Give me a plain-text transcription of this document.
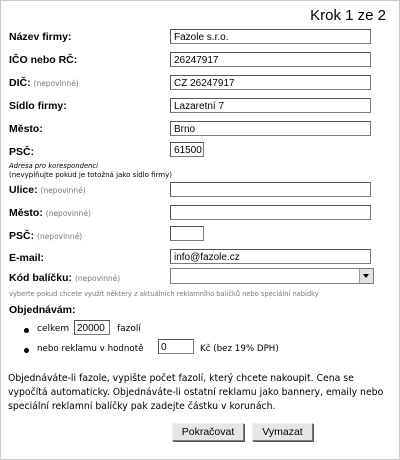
Krok 1 ze 2
Název firmy:	Fazole s.r.o.
IČO nebo RČ:	26247917
DIČ: (nepovinné)	CZ 26247917
Sídlo firmy:	Lazaretní 7
Město:	Brno
PSČ:	61500
Adresa pro korespondenci
(nevyplňujte pokud je totožná jako sídlo firmy)
Ulice: (nepovinné)
Město: (nepovinné)
PSČ: (nepovinné)
E-mail:	info@fazole.cz
Kód balíčku: (nepovinné)
vyberte pokud chcete využít některý z aktuálních reklamního balíčků nebo speciální nabídky
Objednávám:
celkem 20000	fazolí
nebo reklamu v hodnotě	0	Kč (bez 19% DPH)
Objednáváte-li fazole, vypište počet fazolí, který chcete nakoupit. Cena se vypočítá automaticky. Objednáváte-li ostatní reklamu jako bannery, emaily nebo speciální reklamní balíčky pak zadejte částku v korunách.
Pokračovat	Vymazat
